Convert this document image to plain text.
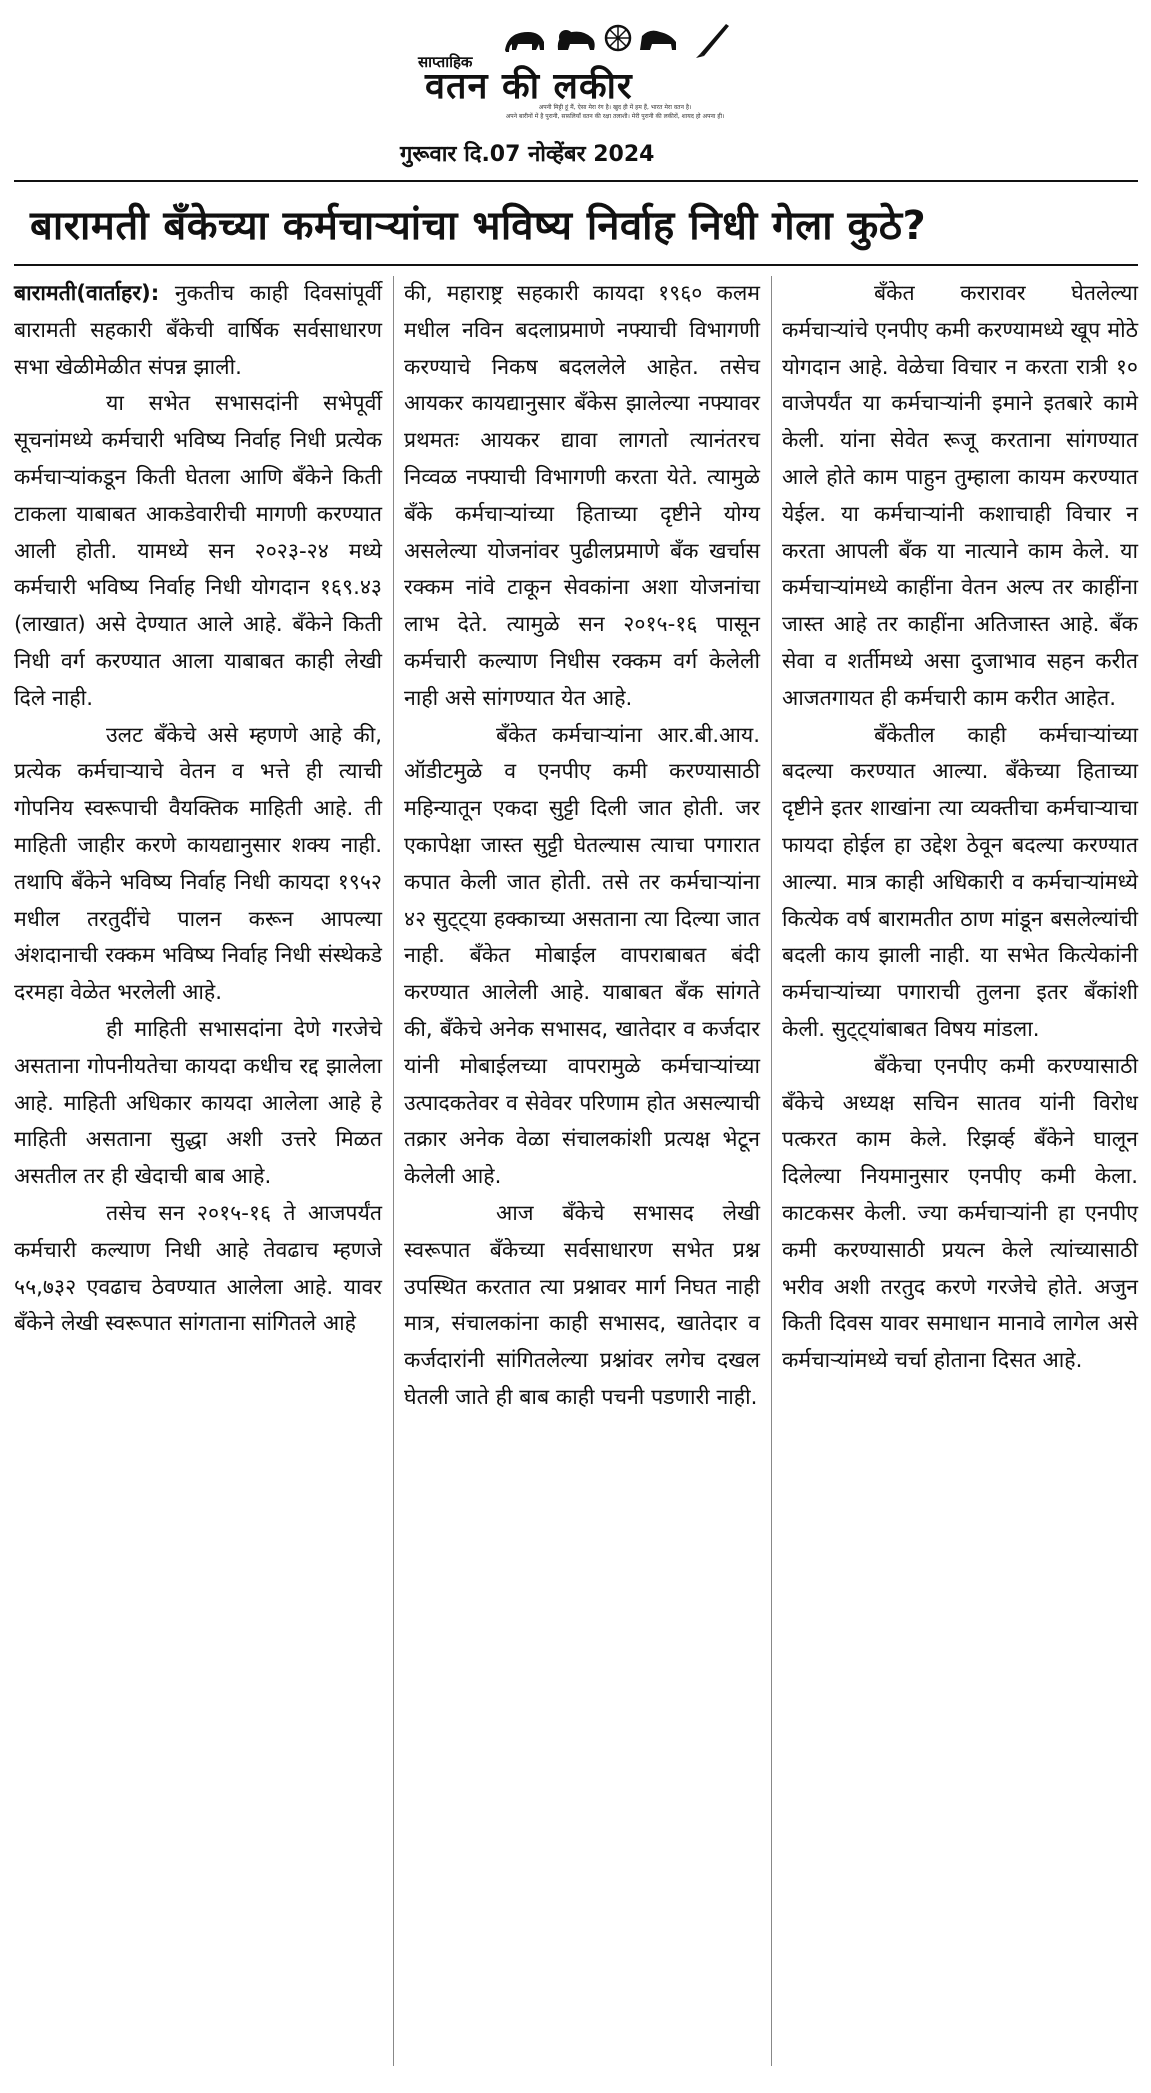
साप्ताहिक
वतन की लकीर
अपनी मिट्टी हूं मैं, ऐसा मेरा रंग है। खुद ही में हम हैं, भारत मेरा वतन है।
अपने बारीनों में है पुरानी, सफ़लियाँ वतन की रक्षा तलाशी। मेरी पुरानी की लकीरों, शायद हो अपना ही।
गुरूवार दि.07 नोव्हेंबर 2024
बारामती बँकेच्या कर्मचाऱ्यांचा भविष्य निर्वाह निधी गेला कुठे?

बारामती(वार्ताहर): नुकतीच काही दिवसांपूर्वी बारामती सहकारी बँकेची वार्षिक सर्वसाधारण सभा खेळीमेळीत संपन्न झाली.

या सभेत सभासदांनी सभेपूर्वी सूचनांमध्ये कर्मचारी भविष्य निर्वाह निधी प्रत्येक कर्मचाऱ्यांकडून किती घेतला आणि बँकेने किती टाकला याबाबत आकडेवारीची मागणी करण्यात आली होती. यामध्ये सन २०२३-२४ मध्ये कर्मचारी भविष्य निर्वाह निधी योगदान १६९.४३ (लाखात) असे देण्यात आले आहे. बँकेने किती निधी वर्ग करण्यात आला याबाबत काही लेखी दिले नाही.

उलट बँकेचे असे म्हणणे आहे की, प्रत्येक कर्मचाऱ्याचे वेतन व भत्ते ही त्याची गोपनिय स्वरूपाची वैयक्तिक माहिती आहे. ती माहिती जाहीर करणे कायद्यानुसार शक्य नाही. तथापि बँकेने भविष्य निर्वाह निधी कायदा १९५२ मधील तरतुदींचे पालन करून आपल्या अंशदानाची रक्कम भविष्य निर्वाह निधी संस्थेकडे दरमहा वेळेत भरलेली आहे.

ही माहिती सभासदांना देणे गरजेचे असताना गोपनीयतेचा कायदा कधीच रद्द झालेला आहे. माहिती अधिकार कायदा आलेला आहे हे माहिती असताना सुद्धा अशी उत्तरे मिळत असतील तर ही खेदाची बाब आहे.

तसेच सन २०१५-१६ ते आजपर्यंत कर्मचारी कल्याण निधी आहे तेवढाच म्हणजे ५५,७३२ एवढाच ठेवण्यात आलेला आहे. यावर बँकेने लेखी स्वरूपात सांगताना सांगितले आहे

की, महाराष्ट्र सहकारी कायदा १९६० कलम मधील नविन बदलाप्रमाणे नफ्याची विभागणी करण्याचे निकष बदललेले आहेत. तसेच आयकर कायद्यानुसार बँकेस झालेल्या नफ्यावर प्रथमतः आयकर द्यावा लागतो त्यानंतरच निव्वळ नफ्याची विभागणी करता येते. त्यामुळे बँके कर्मचाऱ्यांच्या हिताच्या दृष्टीने योग्य असलेल्या योजनांवर पुढीलप्रमाणे बँक खर्चास रक्कम नांवे टाकून सेवकांना अशा योजनांचा लाभ देते. त्यामुळे सन २०१५-१६ पासून कर्मचारी कल्याण निधीस रक्कम वर्ग केलेली नाही असे सांगण्यात येत आहे.

बँकेत कर्मचाऱ्यांना आर.बी.आय. ऑडीटमुळे व एनपीए कमी करण्यासाठी महिन्यातून एकदा सुट्टी दिली जात होती. जर एकापेक्षा जास्त सुट्टी घेतल्यास त्याचा पगारात कपात केली जात होती. तसे तर कर्मचाऱ्यांना ४२ सुट्ट्या हक्काच्या असताना त्या दिल्या जात नाही. बँकेत मोबाईल वापराबाबत बंदी करण्यात आलेली आहे. याबाबत बँक सांगते की, बँकेचे अनेक सभासद, खातेदार व कर्जदार यांनी मोबाईलच्या वापरामुळे कर्मचाऱ्यांच्या उत्पादकतेवर व सेवेवर परिणाम होत असल्याची तक्रार अनेक वेळा संचालकांशी प्रत्यक्ष भेटून केलेली आहे.

आज बँकेचे सभासद लेखी स्वरूपात बँकेच्या सर्वसाधारण सभेत प्रश्न उपस्थित करतात त्या प्रश्नावर मार्ग निघत नाही मात्र, संचालकांना काही सभासद, खातेदार व कर्जदारांनी सांगितलेल्या प्रश्नांवर लगेच दखल घेतली जाते ही बाब काही पचनी पडणारी नाही.

बँकेत करारावर घेतलेल्या कर्मचाऱ्यांचे एनपीए कमी करण्यामध्ये खूप मोठे योगदान आहे. वेळेचा विचार न करता रात्री १० वाजेपर्यंत या कर्मचाऱ्यांनी इमाने इतबारे कामे केली. यांना सेवेत रूजू करताना सांगण्यात आले होते काम पाहुन तुम्हाला कायम करण्यात येईल. या कर्मचाऱ्यांनी कशाचाही विचार न करता आपली बँक या नात्याने काम केले. या कर्मचाऱ्यांमध्ये काहींना वेतन अल्प तर काहींना जास्त आहे तर काहींना अतिजास्त आहे. बँक सेवा व शर्तीमध्ये असा दुजाभाव सहन करीत आजतगायत ही कर्मचारी काम करीत आहेत.

बँकेतील काही कर्मचाऱ्यांच्या बदल्या करण्यात आल्या. बँकेच्या हिताच्या दृष्टीने इतर शाखांना त्या व्यक्तीचा कर्मचाऱ्याचा फायदा होईल हा उद्देश ठेवून बदल्या करण्यात आल्या. मात्र काही अधिकारी व कर्मचाऱ्यांमध्ये कित्येक वर्ष बारामतीत ठाण मांडून बसलेल्यांची बदली काय झाली नाही. या सभेत कित्येकांनी कर्मचाऱ्यांच्या पगाराची तुलना इतर बँकांशी केली. सुट्ट्यांबाबत विषय मांडला.

बँकेचा एनपीए कमी करण्यासाठी बँकेचे अध्यक्ष सचिन सातव यांनी विरोध पत्करत काम केले. रिझर्व्ह बँकेने घालून दिलेल्या नियमानुसार एनपीए कमी केला. काटकसर केली. ज्या कर्मचाऱ्यांनी हा एनपीए कमी करण्यासाठी प्रयत्न केले त्यांच्यासाठी भरीव अशी तरतुद करणे गरजेचे होते. अजुन किती दिवस यावर समाधान मानावे लागेल असे कर्मचाऱ्यांमध्ये चर्चा होताना दिसत आहे.
